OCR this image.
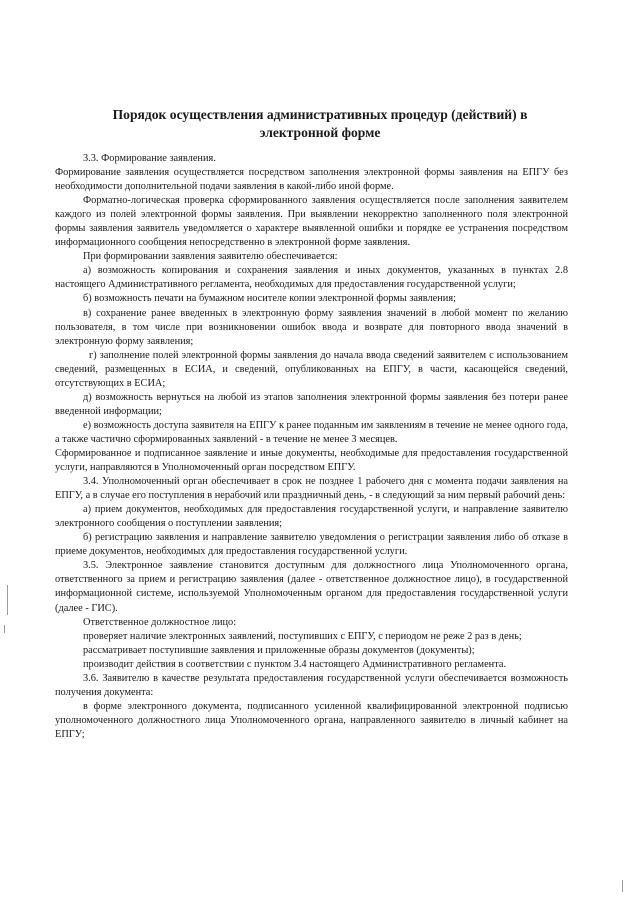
Порядок осуществления административных процедур (действий) в
электронной форме

3.3. Формирование заявления.

Формирование заявления осуществляется посредством заполнения электронной формы заявления на ЕПГУ без необходимости дополнительной подачи заявления в какой-либо иной форме.

Форматно-логическая проверка сформированного заявления осуществляется после заполнения заявителем каждого из полей электронной формы заявления. При выявлении некорректно заполненного поля электронной формы заявления заявитель уведомляется о характере выявленной ошибки и порядке ее устранения посредством информационного сообщения непосредственно в электронной форме заявления.

При формировании заявления заявителю обеспечивается:

а) возможность копирования и сохранения заявления и иных документов, указанных в пунктах 2.8 настоящего Административного регламента, необходимых для предоставления государственной услуги;

б) возможность печати на бумажном носителе копии электронной формы заявления;

в) сохранение ранее введенных в электронную форму заявления значений в любой момент по желанию пользователя, в том числе при возникновении ошибок ввода и возврате для повторного ввода значений в электронную форму заявления;

г) заполнение полей электронной формы заявления до начала ввода сведений заявителем с использованием сведений, размещенных в ЕСИА, и сведений, опубликованных на ЕПГУ, в части, касающейся сведений, отсутствующих в ЕСИА;

д) возможность вернуться на любой из этапов заполнения электронной формы заявления без потери ранее введенной информации;

е) возможность доступа заявителя на ЕПГУ к ранее поданным им заявлениям в течение не менее одного года, а также частично сформированных заявлений - в течение не менее 3 месяцев.

Сформированное и подписанное заявление и иные документы, необходимые для предоставления государственной услуги, направляются в Уполномоченный орган посредством ЕПГУ.

3.4. Уполномоченный орган обеспечивает в срок не позднее 1 рабочего дня с момента подачи заявления на ЕПГУ, а в случае его поступления в нерабочий или праздничный день, - в следующий за ним первый рабочий день:

а) прием документов, необходимых для предоставления государственной услуги, и направление заявителю электронного сообщения о поступлении заявления;

б) регистрацию заявления и направление заявителю уведомления о регистрации заявления либо об отказе в приеме документов, необходимых для предоставления государственной услуги.

3.5. Электронное заявление становится доступным для должностного лица Уполномоченного органа, ответственного за прием и регистрацию заявления (далее - ответственное должностное лицо), в государственной информационной системе, используемой Уполномоченным органом для предоставления государственной услуги (далее - ГИС).

Ответственное должностное лицо:

проверяет наличие электронных заявлений, поступивших с ЕПГУ, с периодом не реже 2 раз в день;

рассматривает поступившие заявления и приложенные образы документов (документы);

производит действия в соответствии с пунктом 3.4 настоящего Административного регламента.

3.6. Заявителю в качестве результата предоставления государственной услуги обеспечивается возможность получения документа:

в форме электронного документа, подписанного усиленной квалифицированной электронной подписью уполномоченного должностного лица Уполномоченного органа, направленного заявителю в личный кабинет на ЕПГУ;
